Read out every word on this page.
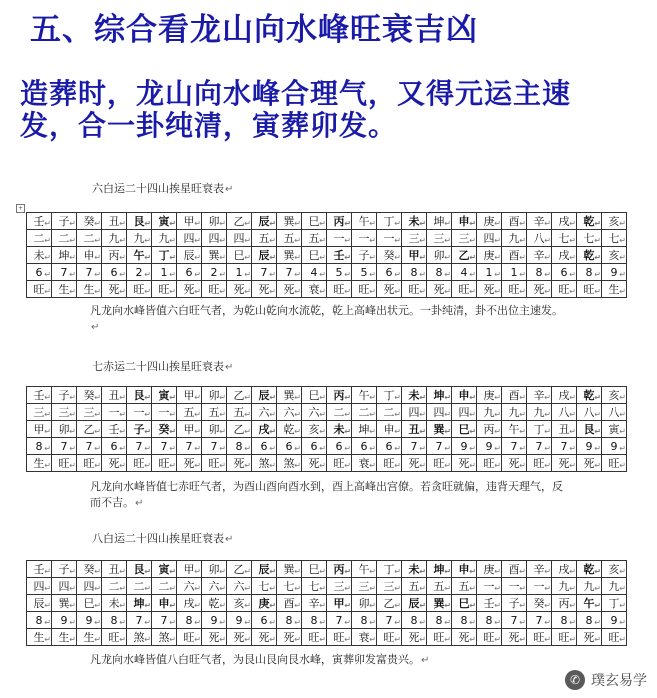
五、综合看龙山向水峰旺衰吉凶
造葬时，龙山向水峰合理气，又得元运主速
发，合一卦纯清，寅葬卯发。
六白运二十四山挨星旺衰表↵
+
壬 ↵	子 ↵	癸 ↵	丑 ↵	艮 ↵	寅 ↵	甲 ↵	卯 ↵	乙 ↵	辰 ↵	巽 ↵	巳 ↵	丙 ↵	午 ↵	丁 ↵	未 ↵	坤 ↵	申 ↵	庚 ↵	酉 ↵	辛 ↵	戌 ↵	乾 ↵	亥 ↵

二 ↵	二 ↵	二 ↵	九 ↵	九 ↵	九 ↵	四 ↵	四 ↵	四 ↵	五 ↵	五 ↵	五 ↵	一 ↵	一 ↵	一 ↵	三 ↵	三 ↵	三 ↵	四 ↵	九 ↵	八 ↵	七 ↵	七 ↵	七 ↵

未 ↵	坤 ↵	申 ↵	丙 ↵	午 ↵	丁 ↵	辰 ↵	巽 ↵	巳 ↵	辰 ↵	巽 ↵	巳 ↵	壬 ↵	子 ↵	癸 ↵	甲 ↵	卯 ↵	乙 ↵	庚 ↵	酉 ↵	辛 ↵	戌 ↵	乾 ↵	亥 ↵

6 ↵	7 ↵	7 ↵	6 ↵	2 ↵	1 ↵	6 ↵	2 ↵	1 ↵	7 ↵	7 ↵	4 ↵	5 ↵	5 ↵	6 ↵	8 ↵	8 ↵	4 ↵	1 ↵	1 ↵	8 ↵	6 ↵	8 ↵	9 ↵

旺 ↵	生 ↵	生 ↵	死 ↵	旺 ↵	旺 ↵	死 ↵	旺 ↵	死 ↵	死 ↵	死 ↵	衰 ↵	旺 ↵	旺 ↵	死 ↵	旺 ↵	死 ↵	旺 ↵	死 ↵	旺 ↵	死 ↵	旺 ↵	旺 ↵	生 ↵
凡龙向水峰皆值六白旺气者，为乾山乾向水流乾，乾上高峰出状元。一卦纯清，卦不出位主速发。↵
七赤运二十四山挨星旺衰表↵
壬 ↵	子 ↵	癸 ↵	丑 ↵	艮 ↵	寅 ↵	甲 ↵	卯 ↵	乙 ↵	辰 ↵	巽 ↵	巳 ↵	丙 ↵	午 ↵	丁 ↵	未 ↵	坤 ↵	申 ↵	庚 ↵	酉 ↵	辛 ↵	戌 ↵	乾 ↵	亥 ↵

三 ↵	三 ↵	三 ↵	一 ↵	一 ↵	一 ↵	五 ↵	五 ↵	五 ↵	六 ↵	六 ↵	六 ↵	二 ↵	二 ↵	二 ↵	四 ↵	四 ↵	四 ↵	九 ↵	九 ↵	九 ↵	八 ↵	八 ↵	八 ↵

甲 ↵	卯 ↵	乙 ↵	壬 ↵	子 ↵	癸 ↵	甲 ↵	卯 ↵	乙 ↵	戌 ↵	乾 ↵	亥 ↵	未 ↵	坤 ↵	申 ↵	丑 ↵	巽 ↵	巳 ↵	丙 ↵	午 ↵	丁 ↵	丑 ↵	艮 ↵	寅 ↵

8 ↵	7 ↵	7 ↵	6 ↵	7 ↵	7 ↵	7 ↵	7 ↵	8 ↵	6 ↵	6 ↵	6 ↵	6 ↵	6 ↵	6 ↵	7 ↵	7 ↵	9 ↵	9 ↵	7 ↵	7 ↵	7 ↵	9 ↵	9 ↵

生 ↵	旺 ↵	旺 ↵	死 ↵	旺 ↵	旺 ↵	死 ↵	旺 ↵	死 ↵	煞 ↵	煞 ↵	死 ↵	旺 ↵	衰 ↵	旺 ↵	死 ↵	旺 ↵	死 ↵	旺 ↵	死 ↵	旺 ↵	死 ↵	死 ↵	旺 ↵
凡龙向水峰皆值七赤旺气者，为酉山酉向酉水到，酉上高峰出宫僚。若贪旺就偏，违背天理气，反而不吉。↵
八白运二十四山挨星旺衰表↵
壬 ↵	子 ↵	癸 ↵	丑 ↵	艮 ↵	寅 ↵	甲 ↵	卯 ↵	乙 ↵	辰 ↵	巽 ↵	巳 ↵	丙 ↵	午 ↵	丁 ↵	未 ↵	坤 ↵	申 ↵	庚 ↵	酉 ↵	辛 ↵	戌 ↵	乾 ↵	亥 ↵

四 ↵	四 ↵	四 ↵	二 ↵	二 ↵	二 ↵	六 ↵	六 ↵	六 ↵	七 ↵	七 ↵	七 ↵	三 ↵	三 ↵	三 ↵	五 ↵	五 ↵	五 ↵	一 ↵	一 ↵	一 ↵	九 ↵	九 ↵	九 ↵

辰 ↵	巽 ↵	巳 ↵	未 ↵	坤 ↵	申 ↵	戌 ↵	乾 ↵	亥 ↵	庚 ↵	酉 ↵	辛 ↵	甲 ↵	卯 ↵	乙 ↵	辰 ↵	巽 ↵	巳 ↵	壬 ↵	子 ↵	癸 ↵	丙 ↵	午 ↵	丁 ↵

8 ↵	9 ↵	9 ↵	8 ↵	7 ↵	7 ↵	8 ↵	9 ↵	9 ↵	6 ↵	8 ↵	8 ↵	7 ↵	8 ↵	7 ↵	8 ↵	8 ↵	8 ↵	8 ↵	7 ↵	7 ↵	8 ↵	8 ↵	9 ↵

生 ↵	生 ↵	生 ↵	旺 ↵	煞 ↵	煞 ↵	旺 ↵	死 ↵	死 ↵	死 ↵	死 ↵	旺 ↵	旺 ↵	衰 ↵	旺 ↵	死 ↵	旺 ↵	死 ↵	旺 ↵	死 ↵	旺 ↵	旺 ↵	死 ↵	旺 ↵
凡龙向水峰皆值八白旺气者，为艮山艮向艮水峰，寅葬卯发富贵兴。↵
✆ 璞玄易学
